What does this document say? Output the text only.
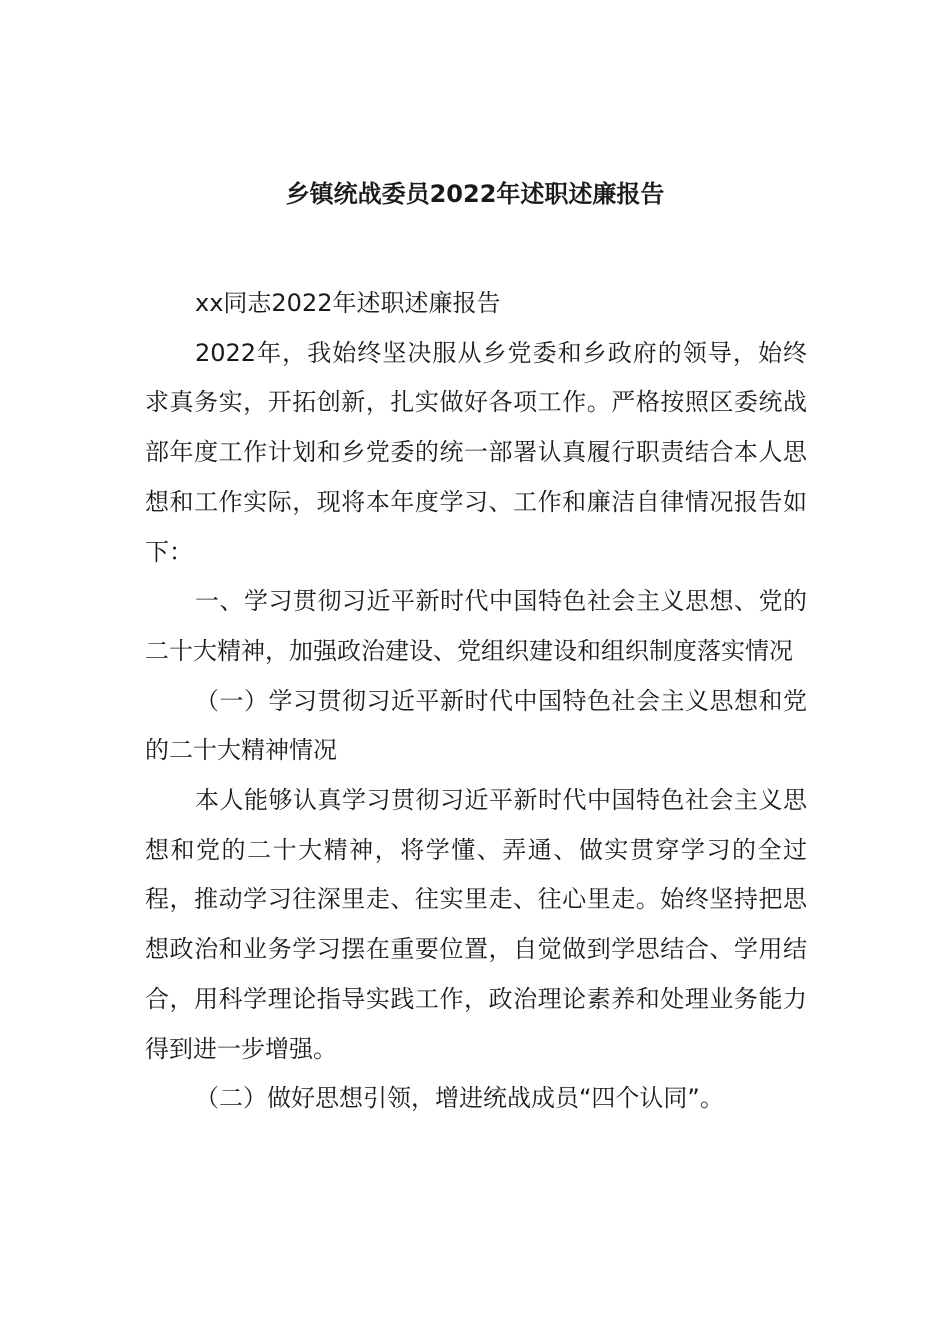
乡镇统战委员2022年述职述廉报告

xx同志2022年述职述廉报告

2022年，我始终坚决服从乡党委和乡政府的领导，始终求真务实，开拓创新，扎实做好各项工作。严格按照区委统战部年度工作计划和乡党委的统一部署认真履行职责结合本人思想和工作实际，现将本年度学习、工作和廉洁自律情况报告如下：

一、学习贯彻习近平新时代中国特色社会主义思想、党的二十大精神，加强政治建设、党组织建设和组织制度落实情况

（一）学习贯彻习近平新时代中国特色社会主义思想和党的二十大精神情况

本人能够认真学习贯彻习近平新时代中国特色社会主义思想和党的二十大精神，将学懂、弄通、做实贯穿学习的全过程，推动学习往深里走、往实里走、往心里走。始终坚持把思想政治和业务学习摆在重要位置，自觉做到学思结合、学用结合，用科学理论指导实践工作，政治理论素养和处理业务能力得到进一步增强。

（二）做好思想引领，增进统战成员“四个认同”。
